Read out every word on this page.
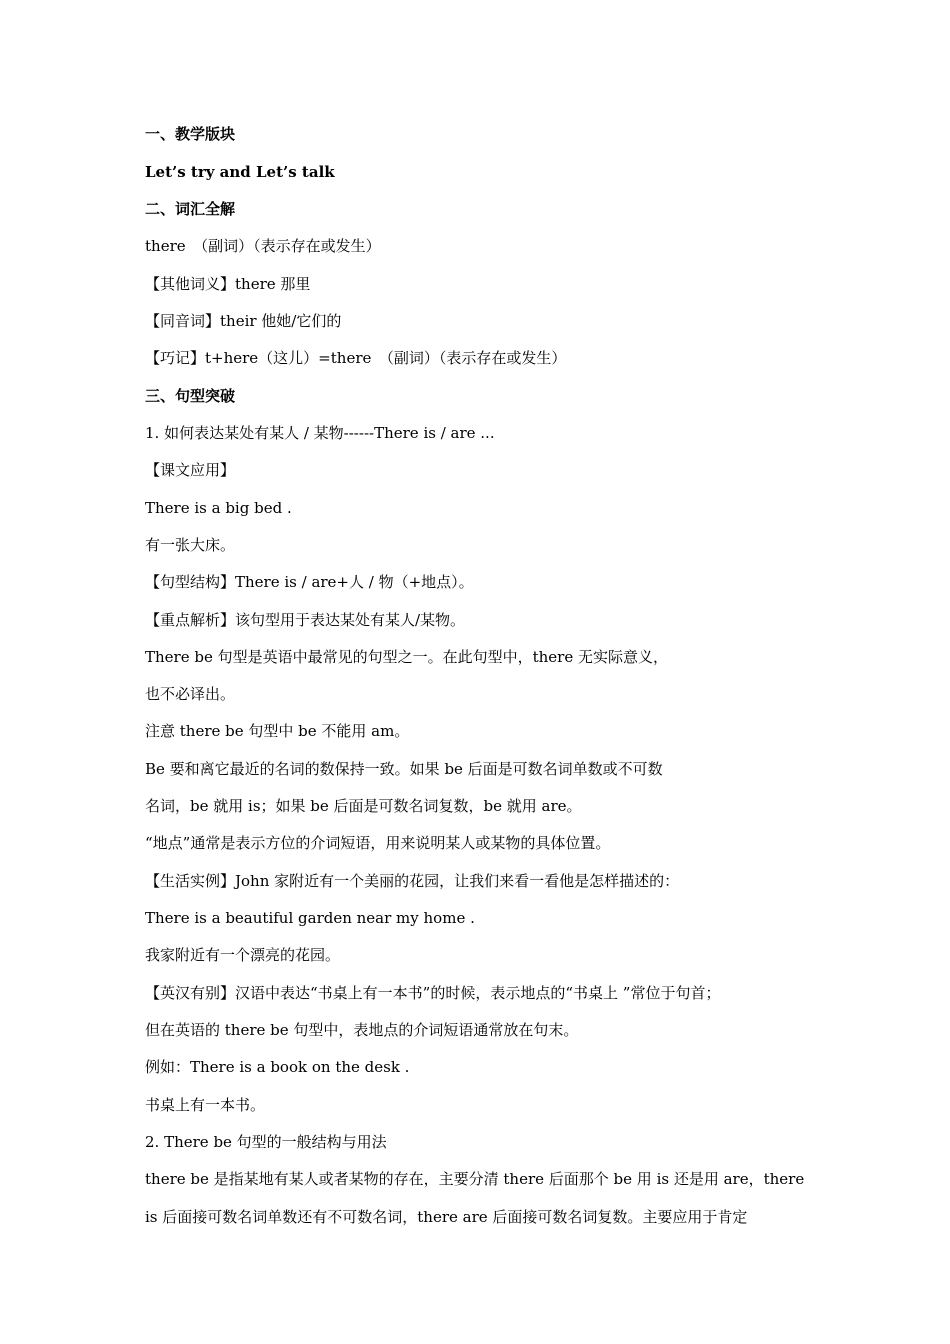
一、教学版块
Let’s try and Let’s talk
二、词汇全解
there　（副词）（表示存在或发生）
【其他词义】there 那里
【同音词】their 他她/它们的
【巧记】t+here（这儿）=there　（副词）（表示存在或发生）
三、句型突破
1. 如何表达某处有某人 / 某物------There is / are ...
【课文应用】
There is a big bed .
有一张大床。
【句型结构】There is / are+人 / 物（+地点）。
【重点解析】该句型用于表达某处有某人/某物。
There be 句型是英语中最常见的句型之一。在此句型中，there 无实际意义，
也不必译出。
注意 there be 句型中 be 不能用 am。
Be 要和离它最近的名词的数保持一致。如果 be 后面是可数名词单数或不可数
名词，be 就用 is；如果 be 后面是可数名词复数，be 就用 are。
“地点”通常是表示方位的介词短语，用来说明某人或某物的具体位置。
【生活实例】John 家附近有一个美丽的花园，让我们来看一看他是怎样描述的：
There is a beautiful garden near my home .
我家附近有一个漂亮的花园。
【英汉有别】汉语中表达“书桌上有一本书”的时候，表示地点的“书桌上 ”常位于句首；
但在英语的 there be 句型中，表地点的介词短语通常放在句末。
例如：There is a book on the desk .
书桌上有一本书。
2. There be 句型的一般结构与用法
there be 是指某地有某人或者某物的存在，主要分清 there 后面那个 be 用 is 还是用 are，there
is 后面接可数名词单数还有不可数名词，there are 后面接可数名词复数。主要应用于肯定
